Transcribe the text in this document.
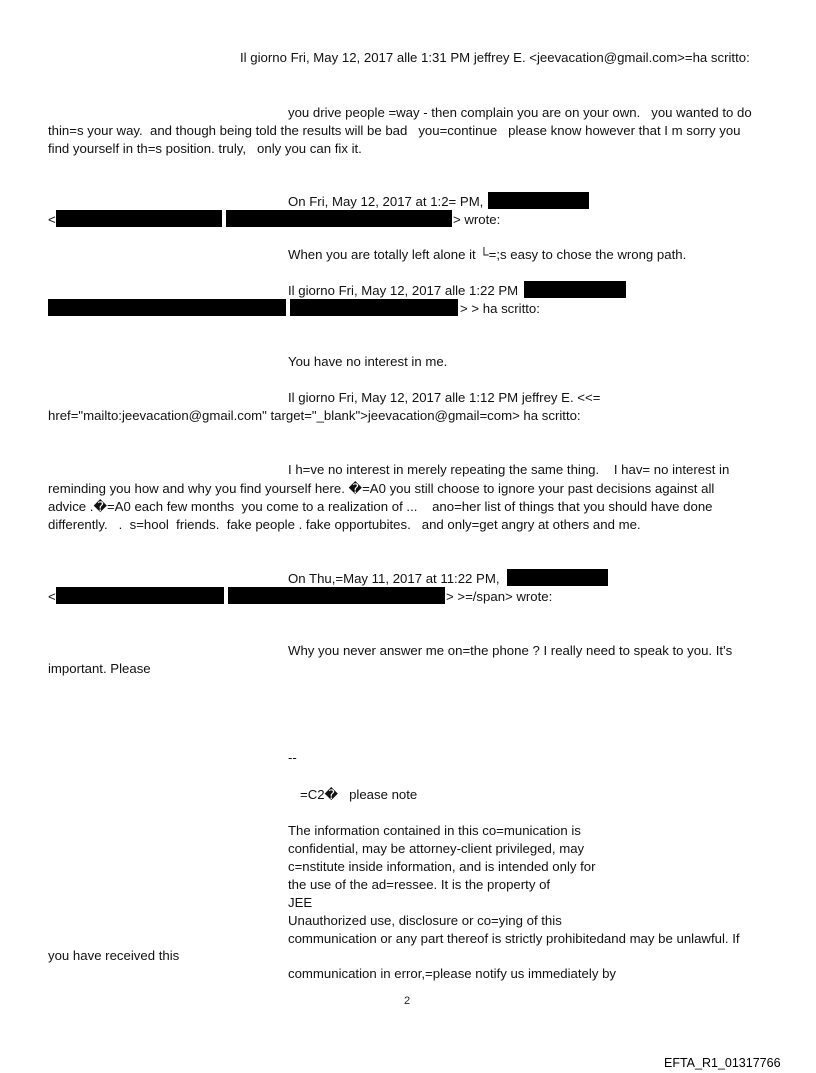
Il giorno Fri, May 12, 2017 alle 1:31 PM jeffrey E. <jeevacation@gmail.com>=ha scritto:
you drive people =way - then complain you are on your own.   you wanted to do
thin=s your way.  and though being told the results will be bad   you=continue   please know however that I m sorry you
find yourself in th=s position. truly,   only you can fix it.
On Fri, May 12, 2017 at 1:2= PM,
<	> wrote:
When you are totally left alone it └=;s easy to chose the wrong path.
Il giorno Fri, May 12, 2017 alle 1:22 PM
> > ha scritto:
You have no interest in me.
Il giorno Fri, May 12, 2017 alle 1:12 PM jeffrey E. <<=
href="mailto:jeevacation@gmail.com" target="_blank">jeevacation@gmail=com> ha scritto:
I h=ve no interest in merely repeating the same thing.    I hav= no interest in
reminding you how and why you find yourself here. �=A0 you still choose to ignore your past decisions against all
advice .�=A0 each few months  you come to a realization of ...    ano=her list of things that you should have done
differently.   .  s=hool  friends.  fake people . fake opportubites.   and only=get angry at others and me.
On Thu,=May 11, 2017 at 11:22 PM,
<	> >=/span> wrote:
Why you never answer me on=the phone ? I really need to speak to you. It's
important. Please
--
=C2�   please note
The information contained in this co=munication is
confidential, may be attorney-client privileged, may
c=nstitute inside information, and is intended only for
the use of the ad=ressee. It is the property of
JEE
Unauthorized use, disclosure or co=ying of this
communication or any part thereof is strictly prohibitedand may be unlawful. If
you have received this
communication in error,=please notify us immediately by
2
EFTA_R1_01317766
